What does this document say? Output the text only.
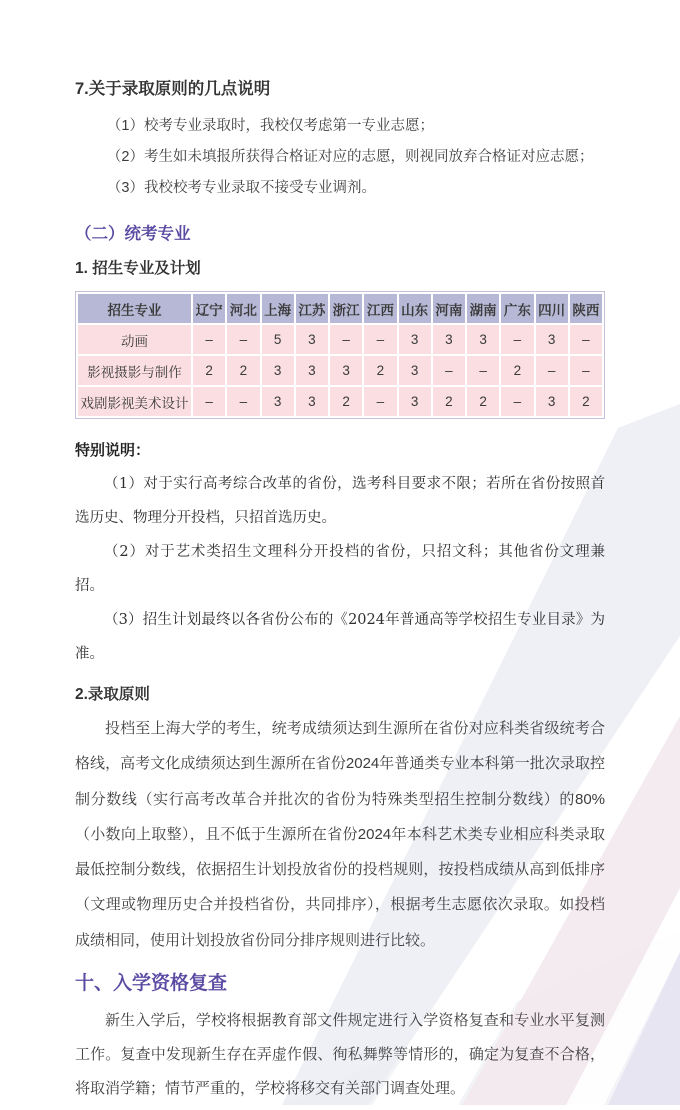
7.关于录取原则的几点说明

（1）校考专业录取时，我校仅考虑第一专业志愿；

（2）考生如未填报所获得合格证对应的志愿，则视同放弃合格证对应志愿；

（3）我校校考专业录取不接受专业调剂。

（二）统考专业
1. 招生专业及计划
招生专业	辽宁	河北	上海	江苏	浙江	江西	山东	河南	湖南	广东	四川	陕西
动画	–	–	5	3	–	–	3	3	3	–	3	–
影视摄影与制作	2	2	3	3	3	2	3	–	–	2	–	–
戏剧影视美术设计	–	–	3	3	2	–	3	2	2	–	3	2
特别说明：

（1）对于实行高考综合改革的省份，选考科目要求不限；若所在省份按照首选历史、物理分开投档，只招首选历史。

（2）对于艺术类招生文理科分开投档的省份，只招文科；其他省份文理兼招。

（3）招生计划最终以各省份公布的《2024年普通高等学校招生专业目录》为准。

2.录取原则

投档至上海大学的考生，统考成绩须达到生源所在省份对应科类省级统考合格线，高考文化成绩须达到生源所在省份2024年普通类专业本科第一批次录取控制分数线（实行高考改革合并批次的省份为特殊类型招生控制分数线）的80%（小数向上取整），且不低于生源所在省份2024年本科艺术类专业相应科类录取最低控制分数线，依据招生计划投放省份的投档规则，按投档成绩从高到低排序（文理或物理历史合并投档省份，共同排序），根据考生志愿依次录取。如投档成绩相同，使用计划投放省份同分排序规则进行比较。

十、入学资格复查

新生入学后，学校将根据教育部文件规定进行入学资格复查和专业水平复测工作。复查中发现新生存在弄虚作假、徇私舞弊等情形的，确定为复查不合格，将取消学籍；情节严重的，学校将移交有关部门调查处理。
